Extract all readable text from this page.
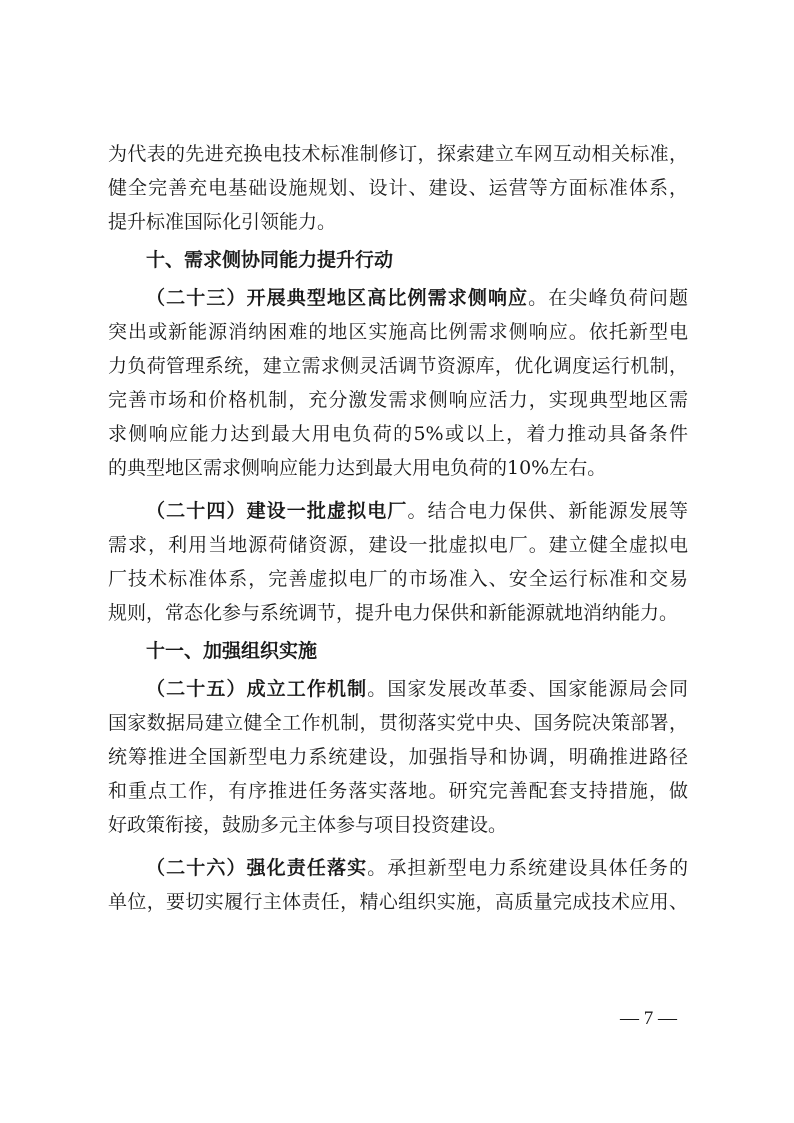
为代表的先进充换电技术标准制修订，探索建立车网互动相关标准，
健全完善充电基础设施规划、设计、建设、运营等方面标准体系，
提升标准国际化引领能力。
十、需求侧协同能力提升行动
（二十三）开展典型地区高比例需求侧响应。在尖峰负荷问题
突出或新能源消纳困难的地区实施高比例需求侧响应。依托新型电
力负荷管理系统，建立需求侧灵活调节资源库，优化调度运行机制，
完善市场和价格机制，充分激发需求侧响应活力，实现典型地区需
求侧响应能力达到最大用电负荷的5%或以上，着力推动具备条件
的典型地区需求侧响应能力达到最大用电负荷的10%左右。
（二十四）建设一批虚拟电厂。结合电力保供、新能源发展等
需求，利用当地源荷储资源，建设一批虚拟电厂。建立健全虚拟电
厂技术标准体系，完善虚拟电厂的市场准入、安全运行标准和交易
规则，常态化参与系统调节，提升电力保供和新能源就地消纳能力。
十一、加强组织实施
（二十五）成立工作机制。国家发展改革委、国家能源局会同
国家数据局建立健全工作机制，贯彻落实党中央、国务院决策部署，
统筹推进全国新型电力系统建设，加强指导和协调，明确推进路径
和重点工作，有序推进任务落实落地。研究完善配套支持措施，做
好政策衔接，鼓励多元主体参与项目投资建设。
（二十六）强化责任落实。承担新型电力系统建设具体任务的
单位，要切实履行主体责任，精心组织实施，高质量完成技术应用、
— 7 —
